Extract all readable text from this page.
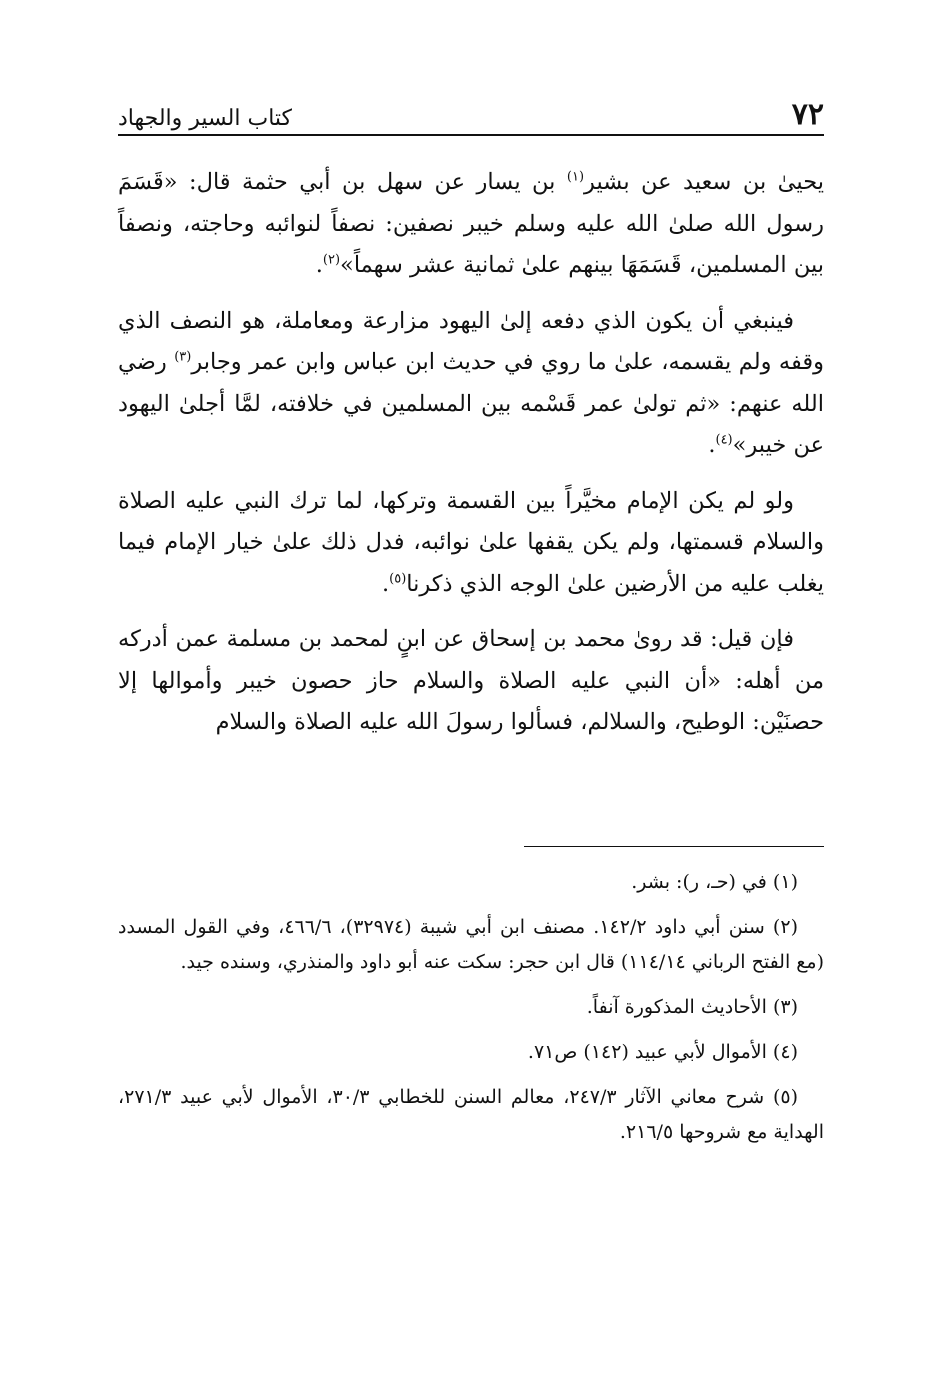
٧٢
كتاب السير والجهاد

يحيىٰ بن سعيد عن بشير$^{(١)}$ بن يسار عن سهل بن أبي حثمة قال: «قَسَمَ رسول الله صلىٰ الله عليه وسلم خيبر نصفين: نصفاً لنوائبه وحاجته، ونصفاً بين المسلمين، قَسَمَهَا بينهم علىٰ ثمانية عشر سهماً»$^{(٢)}$.

فينبغي أن يكون الذي دفعه إلىٰ اليهود مزارعة ومعاملة، هو النصف الذي وقفه ولم يقسمه، علىٰ ما روي في حديث ابن عباس وابن عمر وجابر$^{(٣)}$ رضي الله عنهم: «ثم تولىٰ عمر قَسْمه بين المسلمين في خلافته، لمَّا أجلىٰ اليهود عن خيبر»$^{(٤)}$.

ولو لم يكن الإمام مخيَّراً بين القسمة وتركها، لما ترك النبي عليه الصلاة والسلام قسمتها، ولم يكن يقفها علىٰ نوائبه، فدل ذلك علىٰ خيار الإمام فيما يغلب عليه من الأرضين علىٰ الوجه الذي ذكرنا$^{(٥)}$.

فإن قيل: قد روىٰ محمد بن إسحاق عن ابنٍ لمحمد بن مسلمة عمن أدركه من أهله: «أن النبي عليه الصلاة والسلام حاز حصون خيبر وأموالها إلا حصنَيْن: الوطيح، والسلالم، فسألوا رسولَ الله عليه الصلاة والسلام

(١) في (حـ، ر): بشر.

(٢) سنن أبي داود ١٤٢/٢. مصنف ابن أبي شيبة (٣٢٩٧٤)، ٤٦٦/٦، وفي القول المسدد (مع الفتح الرباني ١١٤/١٤) قال ابن حجر: سكت عنه أبو داود والمنذري، وسنده جيد.

(٣) الأحاديث المذكورة آنفاً.

(٤) الأموال لأبي عبيد (١٤٢) ص٧١.

(٥) شرح معاني الآثار ٢٤٧/٣، معالم السنن للخطابي ٣٠/٣، الأموال لأبي عبيد ٢٧١/٣، الهداية مع شروحها ٢١٦/٥.
